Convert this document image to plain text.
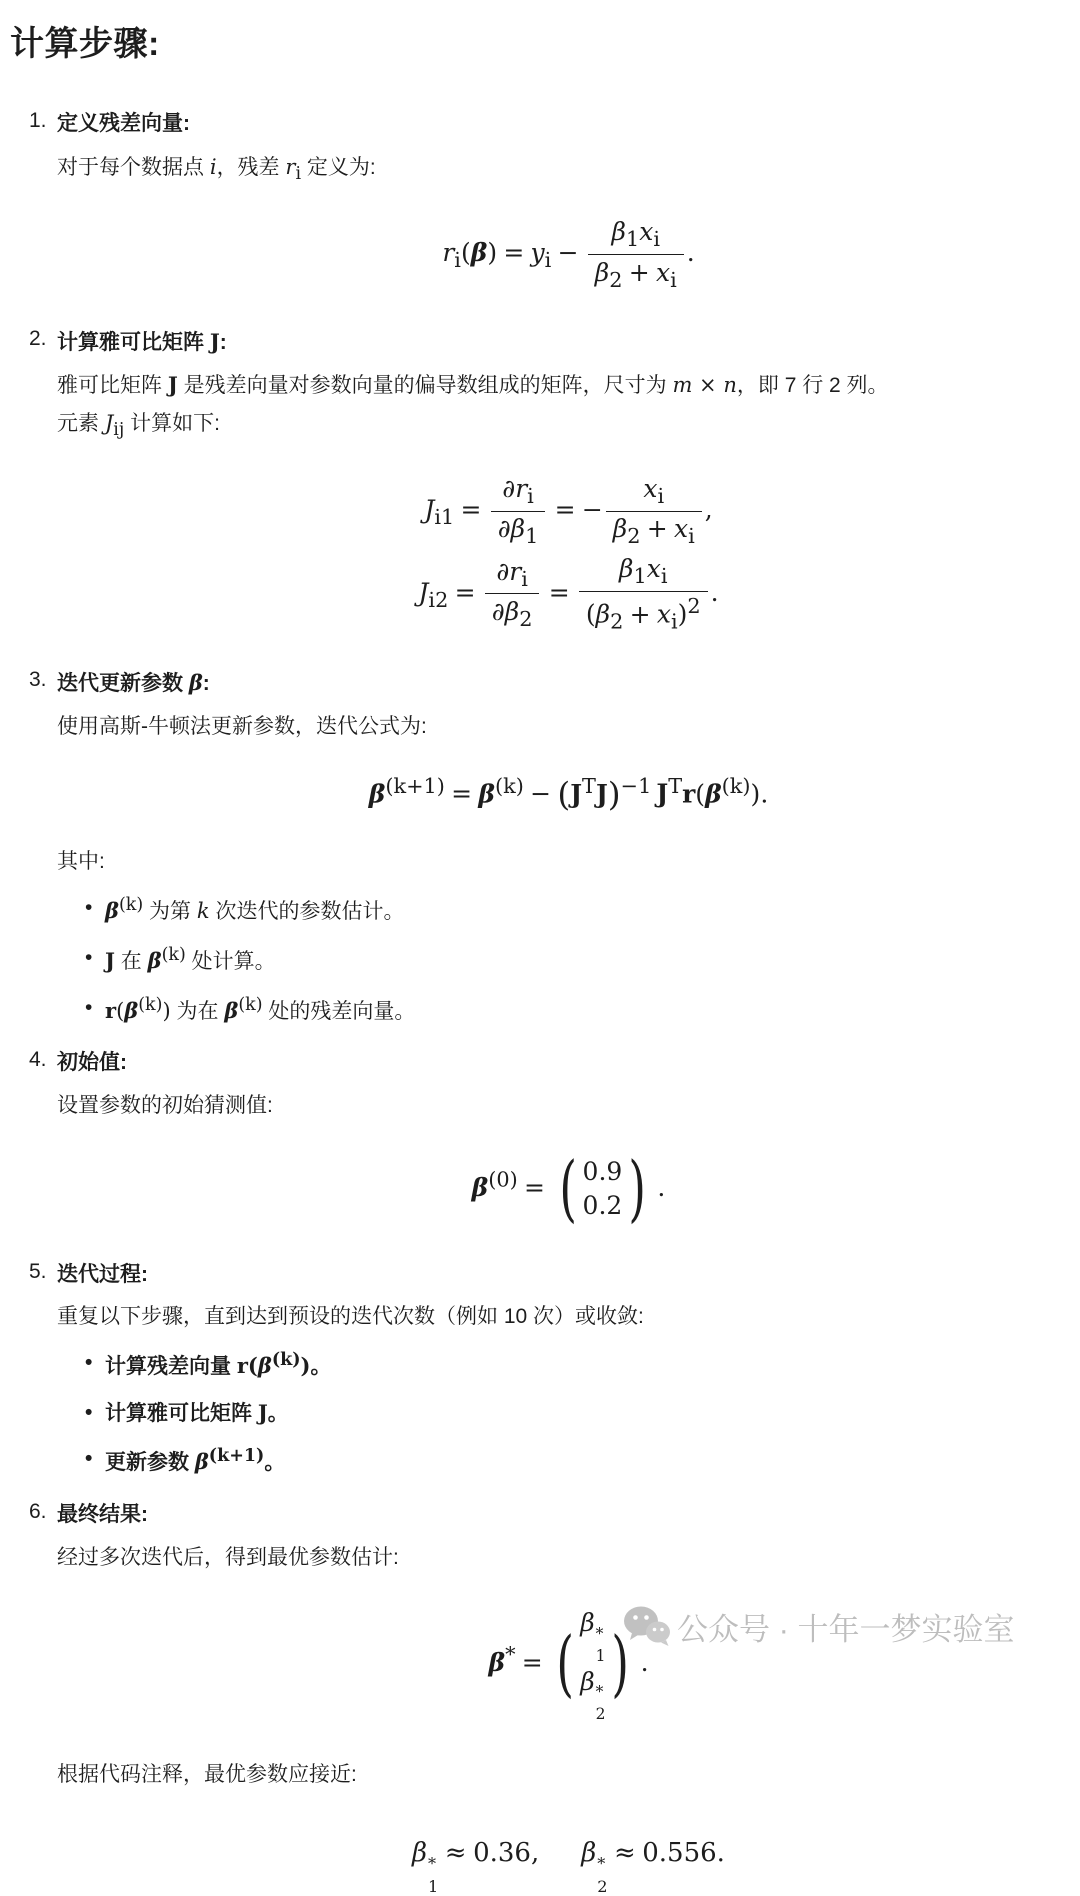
计算步骤:
1. 定义残差向量:

对于每个数据点 i，残差 $r_i$ 定义为:

$r_i(\beta) = y_i - \frac{\beta_1x_i}{\beta_2 + x_i}$ .
2. 计算雅可比矩阵 J:

雅可比矩阵 J 是残差向量对参数向量的偏导数组成的矩阵，尺寸为 m × n，即 7 行 2 列。

元素 $J_{ij}$ 计算如下:

$J_{i1} = \frac{\partial r_i}{\partial\beta_1}$ = − $\frac{x_i}{\beta_2 + x_i}$ ,
$J_{i2} = \frac{\partial r_i}{\partial\beta_2} = \frac{\beta_1x_i}{(\beta_2 + x_i)^2}$ .
3. 迭代更新参数 β:

使用高斯-牛顿法更新参数，迭代公式为:

$\beta^{(k+1)} = \beta^{(k)} - (J^TJ)^{-1}$ $J^Tr(\beta^{(k)})$.

其中:

• $\beta^{(k)}$ 为第 k 次迭代的参数估计。
• J 在 $\beta^{(k)}$ 处计算。
• $r(\beta^{(k)})$ 为在 $\beta^{(k)}$ 处的残差向量。
4. 初始值:

设置参数的初始猜测值:

$\beta^{(0)}$ = ( 0.9
0.2 ) .
5. 迭代过程:

重复以下步骤，直到达到预设的迭代次数（例如 10 次）或收敛:

• 计算残差向量 $r(\beta^{(k)})$。
• 计算雅可比矩阵 J。
• 更新参数 $\beta^{(k+1)}$。
6. 最终结果:

经过多次迭代后，得到最优参数估计:

β* = ( β *
1
β *
2
) .

根据代码注释，最优参数应接近:

β *
1
≈ 0.36, β *
2
≈ 0.556.
公众号 · 十年一梦实验室
